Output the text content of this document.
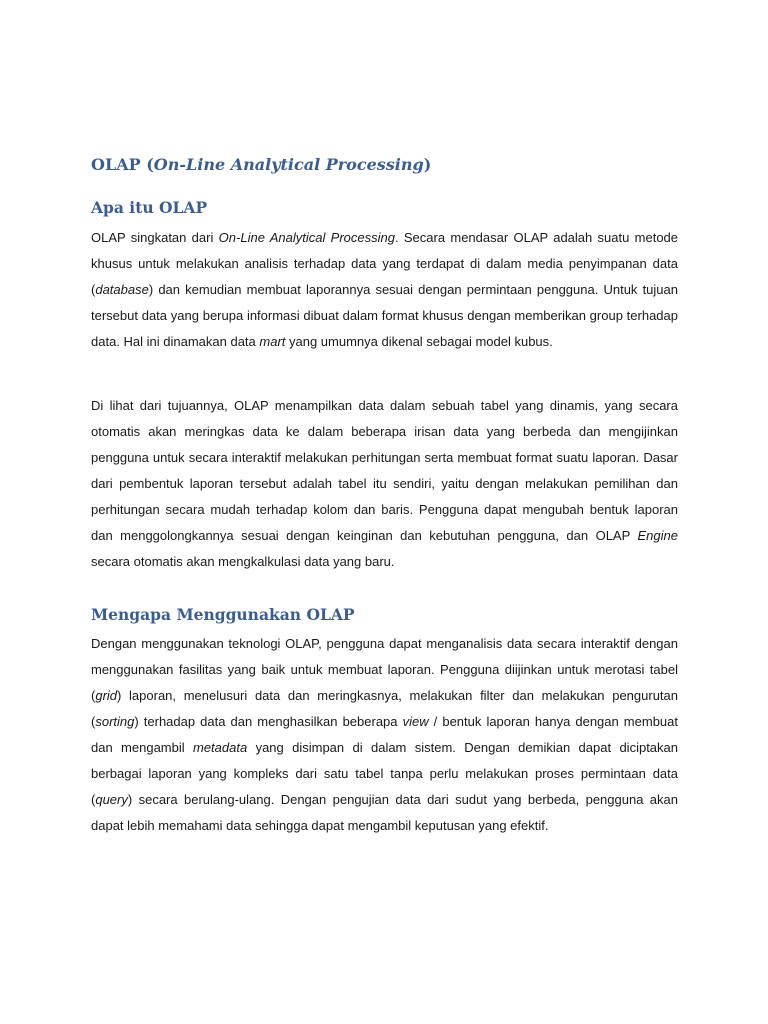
OLAP (On-Line Analytical Processing)
Apa itu OLAP

OLAP singkatan dari On-Line Analytical Processing. Secara mendasar OLAP adalah suatu metode khusus untuk melakukan analisis terhadap data yang terdapat di dalam media penyimpanan data (database) dan kemudian membuat laporannya sesuai dengan permintaan pengguna. Untuk tujuan tersebut data yang berupa informasi dibuat dalam format khusus dengan memberikan group terhadap data. Hal ini dinamakan data mart yang umumnya dikenal sebagai model kubus.

Di lihat dari tujuannya, OLAP menampilkan data dalam sebuah tabel yang dinamis, yang secara otomatis akan meringkas data ke dalam beberapa irisan data yang berbeda dan mengijinkan pengguna untuk secara interaktif melakukan perhitungan serta membuat format suatu laporan. Dasar dari pembentuk laporan tersebut adalah tabel itu sendiri, yaitu dengan melakukan pemilihan dan perhitungan secara mudah terhadap kolom dan baris. Pengguna dapat mengubah bentuk laporan dan menggolongkannya sesuai dengan keinginan dan kebutuhan pengguna, dan OLAP Engine secara otomatis akan mengkalkulasi data yang baru.

Mengapa Menggunakan OLAP

Dengan menggunakan teknologi OLAP, pengguna dapat menganalisis data secara interaktif dengan menggunakan fasilitas yang baik untuk membuat laporan. Pengguna diijinkan untuk merotasi tabel (grid) laporan, menelusuri data dan meringkasnya, melakukan filter dan melakukan pengurutan (sorting) terhadap data dan menghasilkan beberapa view / bentuk laporan hanya dengan membuat dan mengambil metadata yang disimpan di dalam sistem. Dengan demikian dapat diciptakan berbagai laporan yang kompleks dari satu tabel tanpa perlu melakukan proses permintaan data (query) secara berulang-ulang. Dengan pengujian data dari sudut yang berbeda, pengguna akan dapat lebih memahami data sehingga dapat mengambil keputusan yang efektif.
